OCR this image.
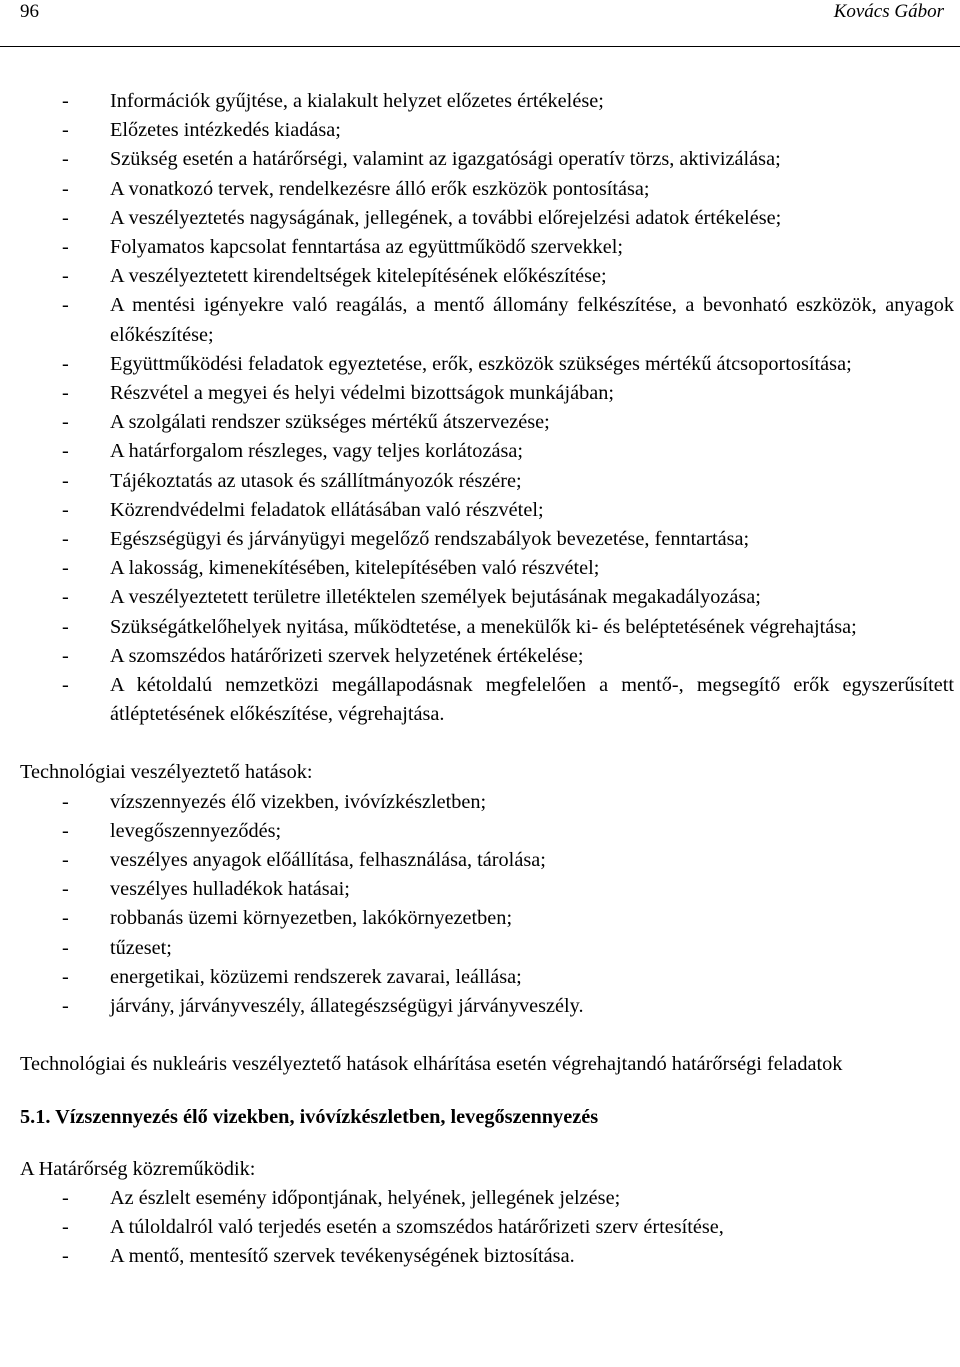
96	Kovács Gábor
- Információk gyűjtése, a kialakult helyzet előzetes értékelése;
- Előzetes intézkedés kiadása;
- Szükség esetén a határőrségi, valamint az igazgatósági operatív törzs, aktivizálása;
- A vonatkozó tervek, rendelkezésre álló erők eszközök pontosítása;
- A veszélyeztetés nagyságának, jellegének, a további előrejelzési adatok értékelése;
- Folyamatos kapcsolat fenntartása az együttműködő szervekkel;
- A veszélyeztetett kirendeltségek kitelepítésének előkészítése;
- A mentési igényekre való reagálás, a mentő állomány felkészítése, a bevonható eszközök, anyagok előkészítése;
- Együttműködési feladatok egyeztetése, erők, eszközök szükséges mértékű átcsoportosítása;
- Részvétel a megyei és helyi védelmi bizottságok munkájában;
- A szolgálati rendszer szükséges mértékű átszervezése;
- A határforgalom részleges, vagy teljes korlátozása;
- Tájékoztatás az utasok és szállítmányozók részére;
- Közrendvédelmi feladatok ellátásában való részvétel;
- Egészségügyi és járványügyi megelőző rendszabályok bevezetése, fenntartása;
- A lakosság, kimenekítésében, kitelepítésében való részvétel;
- A veszélyeztetett területre illetéktelen személyek bejutásának megakadályozása;
- Szükségátkelőhelyek nyitása, működtetése, a menekülők ki- és beléptetésének végrehajtása;
- A szomszédos határőrizeti szervek helyzetének értékelése;
- A kétoldalú nemzetközi megállapodásnak megfelelően a mentő-, megsegítő erők egyszerűsített átléptetésének előkészítése, végrehajtása.

Technológiai veszélyeztető hatások:

- vízszennyezés élő vizekben, ivóvízkészletben;
- levegőszennyeződés;
- veszélyes anyagok előállítása, felhasználása, tárolása;
- veszélyes hulladékok hatásai;
- robbanás üzemi környezetben, lakókörnyezetben;
- tűzeset;
- energetikai, közüzemi rendszerek zavarai, leállása;
- járvány, járványveszély, állategészségügyi járványveszély.

Technológiai és nukleáris veszélyeztető hatások elhárítása esetén végrehajtandó határőrségi feladatok

5.1. Vízszennyezés élő vizekben, ivóvízkészletben, levegőszennyezés

A Határőrség közreműködik:

- Az észlelt esemény időpontjának, helyének, jellegének jelzése;
- A túloldalról való terjedés esetén a szomszédos határőrizeti szerv értesítése,
- A mentő, mentesítő szervek tevékenységének biztosítása.
